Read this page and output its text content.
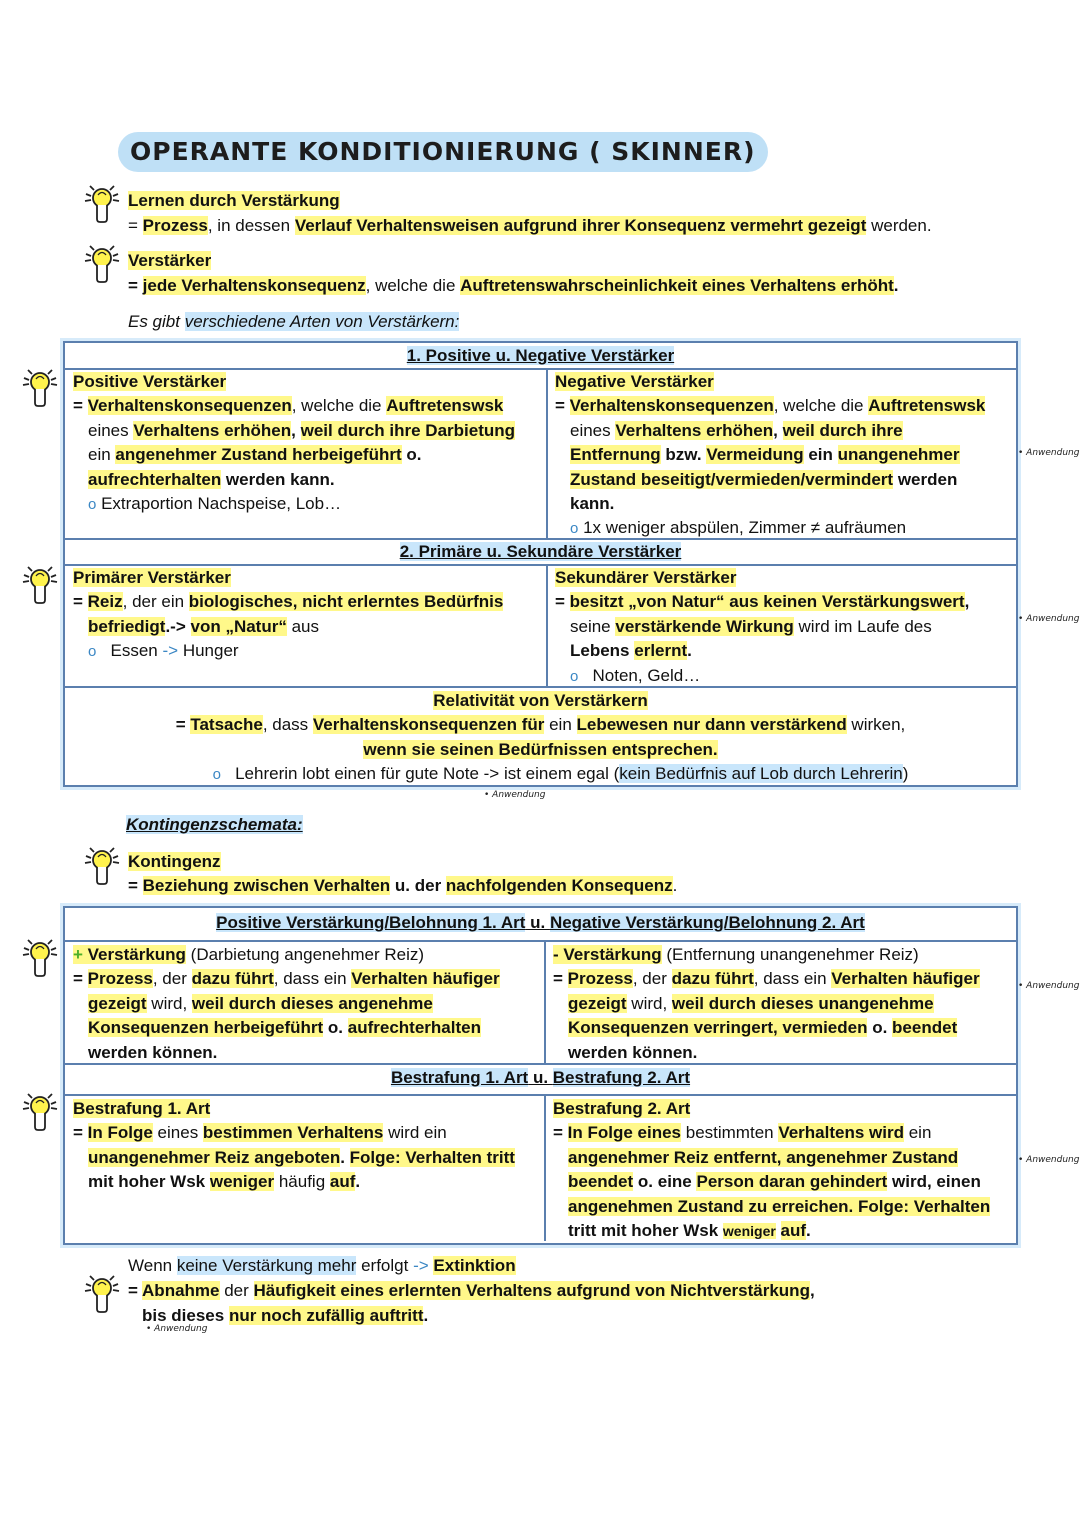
OPERANTE KONDITIONIERUNG ( SKINNER)
Lernen durch Verstärkung
= Prozess, in dessen Verlauf Verhaltensweisen aufgrund ihrer Konsequenz vermehrt gezeigt werden.
Verstärker
= jede Verhaltenskonsequenz, welche die Auftretenswahrscheinlichkeit eines Verhaltens erhöht.
Es gibt verschiedene Arten von Verstärkern:
1. Positive u. Negative Verstärker
Positive Verstärker
= Verhaltenskonsequenzen, welche die Auftretenswsk
eines Verhaltens erhöhen, weil durch ihre Darbietung
ein angenehmer Zustand herbeigeführt o.
aufrechterhalten werden kann.
o Extraportion Nachspeise, Lob…
Negative Verstärker
= Verhaltenskonsequenzen, welche die Auftretenswsk
eines Verhaltens erhöhen, weil durch ihre
Entfernung bzw. Vermeidung ein unangenehmer
Zustand beseitigt/vermieden/vermindert werden
kann.
o 1x weniger abspülen, Zimmer ≠ aufräumen
2. Primäre u. Sekundäre Verstärker
Primärer Verstärker
= Reiz, der ein biologisches, nicht erlerntes Bedürfnis
befriedigt.-> von „Natur“ aus
o Essen -> Hunger
Sekundärer Verstärker
= besitzt „von Natur“ aus keinen Verstärkungswert,
seine verstärkende Wirkung wird im Laufe des
Lebens erlernt.
o Noten, Geld…
Relativität von Verstärkern
= Tatsache, dass Verhaltenskonsequenzen für ein Lebewesen nur dann verstärkend wirken,
wenn sie seinen Bedürfnissen entsprechen.
o Lehrerin lobt einen für gute Note -> ist einem egal (kein Bedürfnis auf Lob durch Lehrerin)
• Anwendung
• Anwendung
• Anwendung
Kontingenzschemata:
Kontingenz
= Beziehung zwischen Verhalten u. der nachfolgenden Konsequenz.
Positive Verstärkung/Belohnung 1. Art u. Negative Verstärkung/Belohnung 2. Art
+ Verstärkung (Darbietung angenehmer Reiz)
= Prozess, der dazu führt, dass ein Verhalten häufiger
gezeigt wird, weil durch dieses angenehme
Konsequenzen herbeigeführt o. aufrechterhalten
werden können.
- Verstärkung (Entfernung unangenehmer Reiz)
= Prozess, der dazu führt, dass ein Verhalten häufiger
gezeigt wird, weil durch dieses unangenehme
Konsequenzen verringert, vermieden o. beendet
werden können.
Bestrafung 1. Art u. Bestrafung 2. Art
Bestrafung 1. Art
= In Folge eines bestimmen Verhaltens wird ein
unangenehmer Reiz angeboten. Folge: Verhalten tritt
mit hoher Wsk weniger häufig auf.
Bestrafung 2. Art
= In Folge eines bestimmten Verhaltens wird ein
angenehmer Reiz entfernt, angenehmer Zustand
beendet o. eine Person daran gehindert wird, einen
angenehmen Zustand zu erreichen. Folge: Verhalten
tritt mit hoher Wsk weniger auf.
• Anwendung
• Anwendung
Wenn keine Verstärkung mehr erfolgt -> Extinktion
= Abnahme der Häufigkeit eines erlernten Verhaltens aufgrund von Nichtverstärkung,
bis dieses nur noch zufällig auftritt.
• Anwendung
